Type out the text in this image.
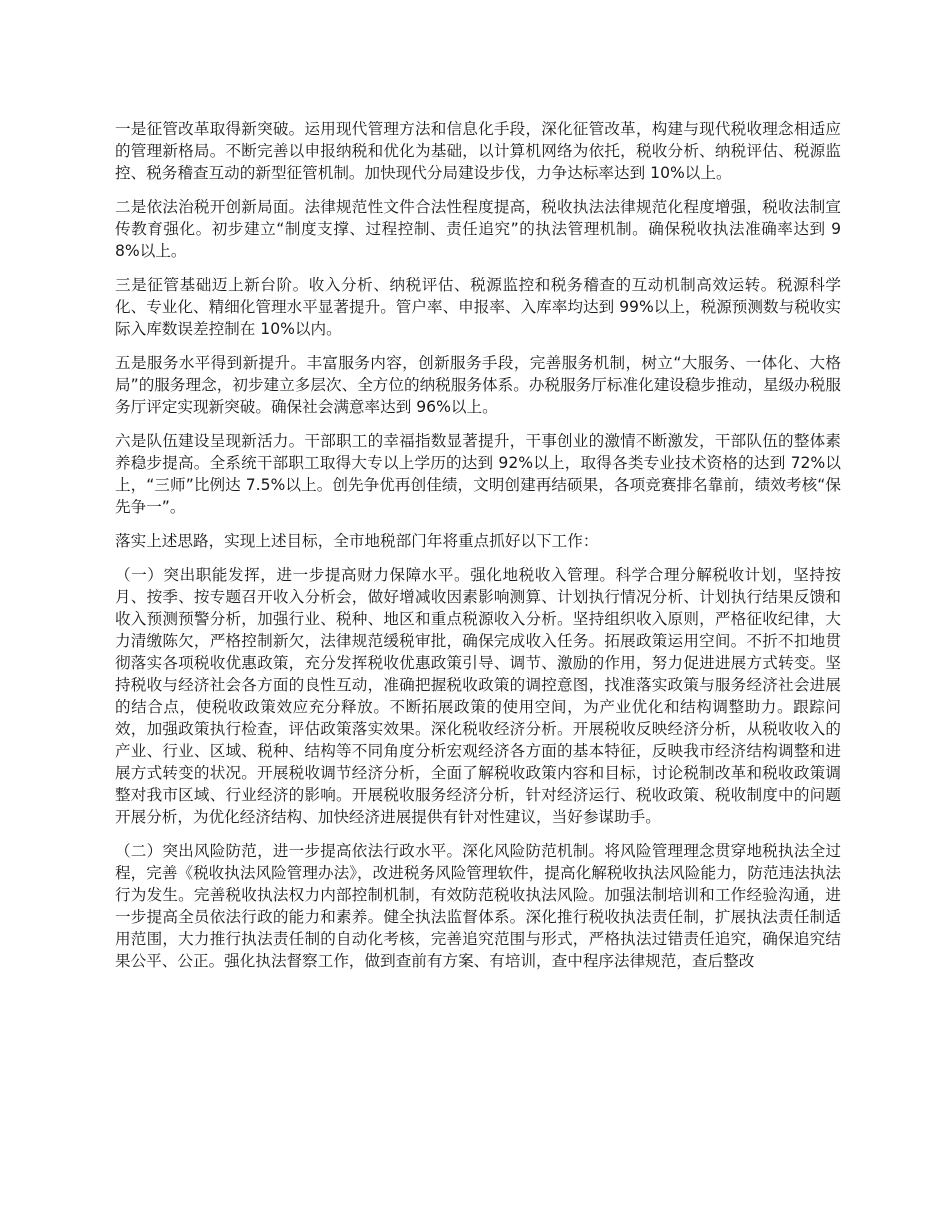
一是征管改革取得新突破。运用现代管理方法和信息化手段，深化征管改革，构建与现代税收理念相适应的管理新格局。不断完善以申报纳税和优化为基础，以计算机网络为依托，税收分析、纳税评估、税源监控、税务稽查互动的新型征管机制。加快现代分局建设步伐，力争达标率达到 10%以上。

二是依法治税开创新局面。法律规范性文件合法性程度提高，税收执法法律规范化程度增强，税收法制宣传教育强化。初步建立“制度支撑、过程控制、责任追究”的执法管理机制。确保税收执法准确率达到 98%以上。

三是征管基础迈上新台阶。收入分析、纳税评估、税源监控和税务稽查的互动机制高效运转。税源科学化、专业化、精细化管理水平显著提升。管户率、申报率、入库率均达到 99%以上，税源预测数与税收实际入库数误差控制在 10%以内。

五是服务水平得到新提升。丰富服务内容，创新服务手段，完善服务机制，树立“大服务、一体化、大格局”的服务理念，初步建立多层次、全方位的纳税服务体系。办税服务厅标准化建设稳步推动，星级办税服务厅评定实现新突破。确保社会满意率达到 96%以上。

六是队伍建设呈现新活力。干部职工的幸福指数显著提升，干事创业的激情不断激发，干部队伍的整体素养稳步提高。全系统干部职工取得大专以上学历的达到 92%以上，取得各类专业技术资格的达到 72%以上，“三师”比例达 7.5%以上。创先争优再创佳绩，文明创建再结硕果，各项竞赛排名靠前，绩效考核“保先争一”。

落实上述思路，实现上述目标，全市地税部门年将重点抓好以下工作：

（一）突出职能发挥，进一步提高财力保障水平。强化地税收入管理。科学合理分解税收计划，坚持按月、按季、按专题召开收入分析会，做好增减收因素影响测算、计划执行情况分析、计划执行结果反馈和收入预测预警分析，加强行业、税种、地区和重点税源收入分析。坚持组织收入原则，严格征收纪律，大力清缴陈欠，严格控制新欠，法律规范缓税审批，确保完成收入任务。拓展政策运用空间。不折不扣地贯彻落实各项税收优惠政策，充分发挥税收优惠政策引导、调节、激励的作用，努力促进进展方式转变。坚持税收与经济社会各方面的良性互动，准确把握税收政策的调控意图，找准落实政策与服务经济社会进展的结合点，使税收政策效应充分释放。不断拓展政策的使用空间，为产业优化和结构调整助力。跟踪问效，加强政策执行检查，评估政策落实效果。深化税收经济分析。开展税收反映经济分析，从税收收入的产业、行业、区域、税种、结构等不同角度分析宏观经济各方面的基本特征，反映我市经济结构调整和进展方式转变的状况。开展税收调节经济分析，全面了解税收政策内容和目标，讨论税制改革和税收政策调整对我市区域、行业经济的影响。开展税收服务经济分析，针对经济运行、税收政策、税收制度中的问题开展分析，为优化经济结构、加快经济进展提供有针对性建议，当好参谋助手。

（二）突出风险防范，进一步提高依法行政水平。深化风险防范机制。将风险管理理念贯穿地税执法全过程，完善《税收执法风险管理办法》，改进税务风险管理软件，提高化解税收执法风险能力，防范违法执法行为发生。完善税收执法权力内部控制机制，有效防范税收执法风险。加强法制培训和工作经验沟通，进一步提高全员依法行政的能力和素养。健全执法监督体系。深化推行税收执法责任制，扩展执法责任制适用范围，大力推行执法责任制的自动化考核，完善追究范围与形式，严格执法过错责任追究，确保追究结果公平、公正。强化执法督察工作，做到查前有方案、有培训，查中程序法律规范，查后整改
